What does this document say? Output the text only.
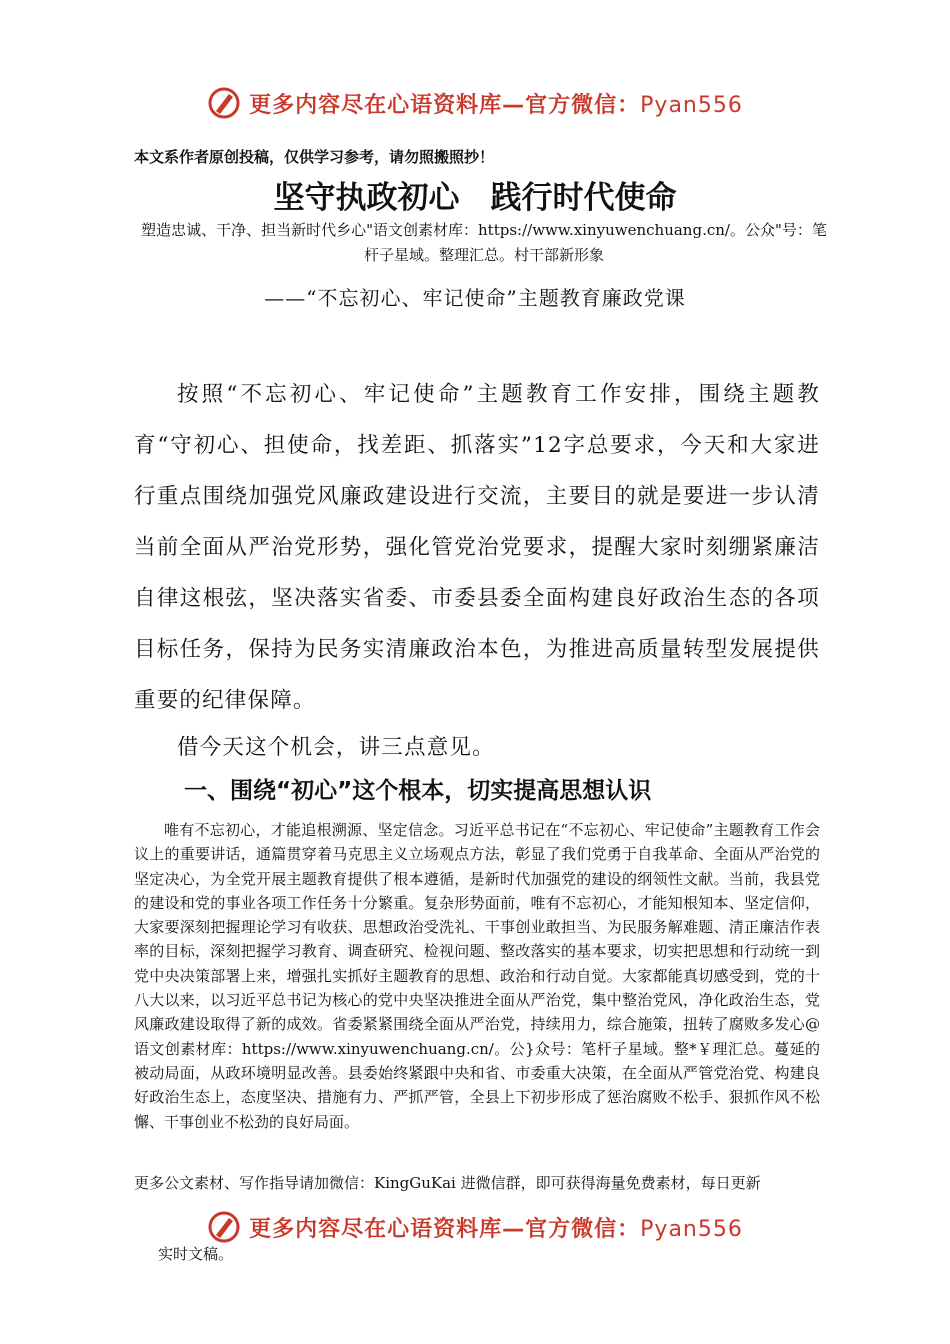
更多内容尽在心语资料库—官方微信：Pyan556
本文系作者原创投稿，仅供学习参考，请勿照搬照抄！
坚守执政初心　践行时代使命
塑造忠诚、干净、担当新时代乡心"语文创素材库：https://www.xinyuwenchuang.cn/。公众"号：笔杆子星域。整理汇总。村干部新形象
——“不忘初心、牢记使命”主题教育廉政党课

按照“不忘初心、牢记使命”主题教育工作安排，围绕主题教育“守初心、担使命，找差距、抓落实”12字总要求，今天和大家进行重点围绕加强党风廉政建设进行交流，主要目的就是要进一步认清当前全面从严治党形势，强化管党治党要求，提醒大家时刻绷紧廉洁自律这根弦，坚决落实省委、市委县委全面构建良好政治生态的各项目标任务，保持为民务实清廉政治本色，为推进高质量转型发展提供重要的纪律保障。

借今天这个机会，讲三点意见。

一、围绕“初心”这个根本，切实提高思想认识

唯有不忘初心，才能追根溯源、坚定信念。习近平总书记在“不忘初心、牢记使命”主题教育工作会议上的重要讲话，通篇贯穿着马克思主义立场观点方法，彰显了我们党勇于自我革命、全面从严治党的坚定决心，为全党开展主题教育提供了根本遵循，是新时代加强党的建设的纲领性文献。当前，我县党的建设和党的事业各项工作任务十分繁重。复杂形势面前，唯有不忘初心，才能知根知本、坚定信仰，大家要深刻把握理论学习有收获、思想政治受洗礼、干事创业敢担当、为民服务解难题、清正廉洁作表率的目标，深刻把握学习教育、调查研究、检视问题、整改落实的基本要求，切实把思想和行动统一到党中央决策部署上来，增强扎实抓好主题教育的思想、政治和行动自觉。大家都能真切感受到，党的十八大以来，以习近平总书记为核心的党中央坚决推进全面从严治党，集中整治党风，净化政治生态，党风廉政建设取得了新的成效。省委紧紧围绕全面从严治党，持续用力，综合施策，扭转了腐败多发心@语文创素材库：https://www.xinyuwenchuang.cn/。公}众号：笔杆子星域。整*￥理汇总。蔓延的被动局面，从政环境明显改善。县委始终紧跟中央和省、市委重大决策，在全面从严管党治党、构建良好政治生态上，态度坚决、措施有力、严抓严管，全县上下初步形成了惩治腐败不松手、狠抓作风不松懈、干事创业不松劲的良好局面。

更多公文素材、写作指导请加微信：KingGuKai 进微信群，即可获得海量免费素材，每日更新

更多内容尽在心语资料库—官方微信：Pyan556

实时文稿。
